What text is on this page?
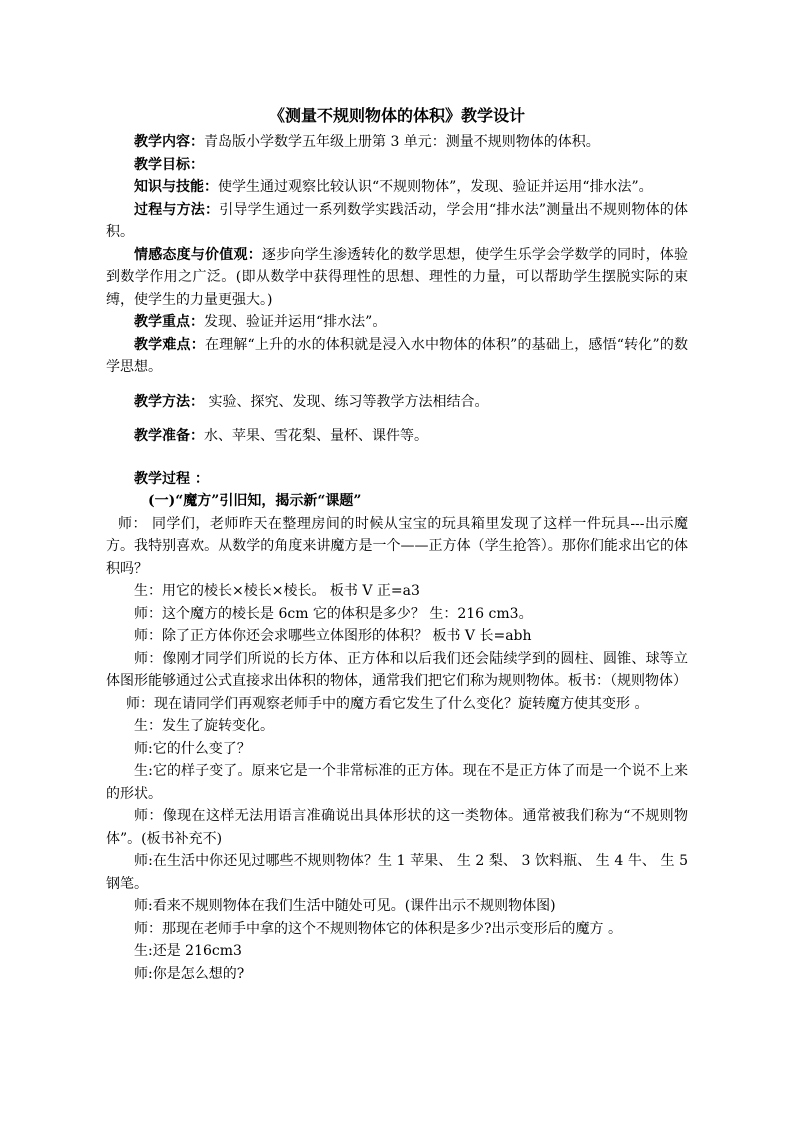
《测量不规则物体的体积》教学设计

教学内容：青岛版小学数学五年级上册第 3 单元：测量不规则物体的体积。

教学目标：

知识与技能：使学生通过观察比较认识“不规则物体”，发现、验证并运用“排水法”。

过程与方法：引导学生通过一系列数学实践活动，学会用“排水法”测量出不规则物体的体积。

情感态度与价值观：逐步向学生渗透转化的数学思想，使学生乐学会学数学的同时，体验到数学作用之广泛。(即从数学中获得理性的思想、理性的力量，可以帮助学生摆脱实际的束缚，使学生的力量更强大。)

教学重点：发现、验证并运用“排水法”。

教学难点：在理解“上升的水的体积就是浸入水中物体的体积”的基础上，感悟“转化”的数学思想。

教学方法： 实验、探究、发现、练习等教学方法相结合。

教学准备：水、苹果、雪花梨、量杯、课件等。

教学过程 ：

(一)“魔方”引旧知，揭示新“课题”

师： 同学们，老师昨天在整理房间的时候从宝宝的玩具箱里发现了这样一件玩具---出示魔方。我特别喜欢。从数学的角度来讲魔方是一个——正方体（学生抢答）。那你们能求出它的体积吗？

生：用它的棱长×棱长×棱长。 板书 V 正=a3

师：这个魔方的棱长是 6cm 它的体积是多少？ 生：216 cm3。

师：除了正方体你还会求哪些立体图形的体积？ 板书 V 长=abh

师：像刚才同学们所说的长方体、正方体和以后我们还会陆续学到的圆柱、圆锥、球等立体图形能够通过公式直接求出体积的物体，通常我们把它们称为规则物体。板书：（规则物体）

师：现在请同学们再观察老师手中的魔方看它发生了什么变化？旋转魔方使其变形 。

生：发生了旋转变化。

师:它的什么变了？

生:它的样子变了。原来它是一个非常标准的正方体。现在不是正方体了而是一个说不上来的形状。

师：像现在这样无法用语言准确说出具体形状的这一类物体。通常被我们称为“不规则物体”。(板书补充不)

师:在生活中你还见过哪些不规则物体？生 1 苹果、 生 2 梨、 3 饮料瓶、 生 4 牛、 生 5 钢笔。

师:看来不规则物体在我们生活中随处可见。(课件出示不规则物体图)

师：那现在老师手中拿的这个不规则物体它的体积是多少?出示变形后的魔方 。

生:还是 216cm3

师:你是怎么想的?
